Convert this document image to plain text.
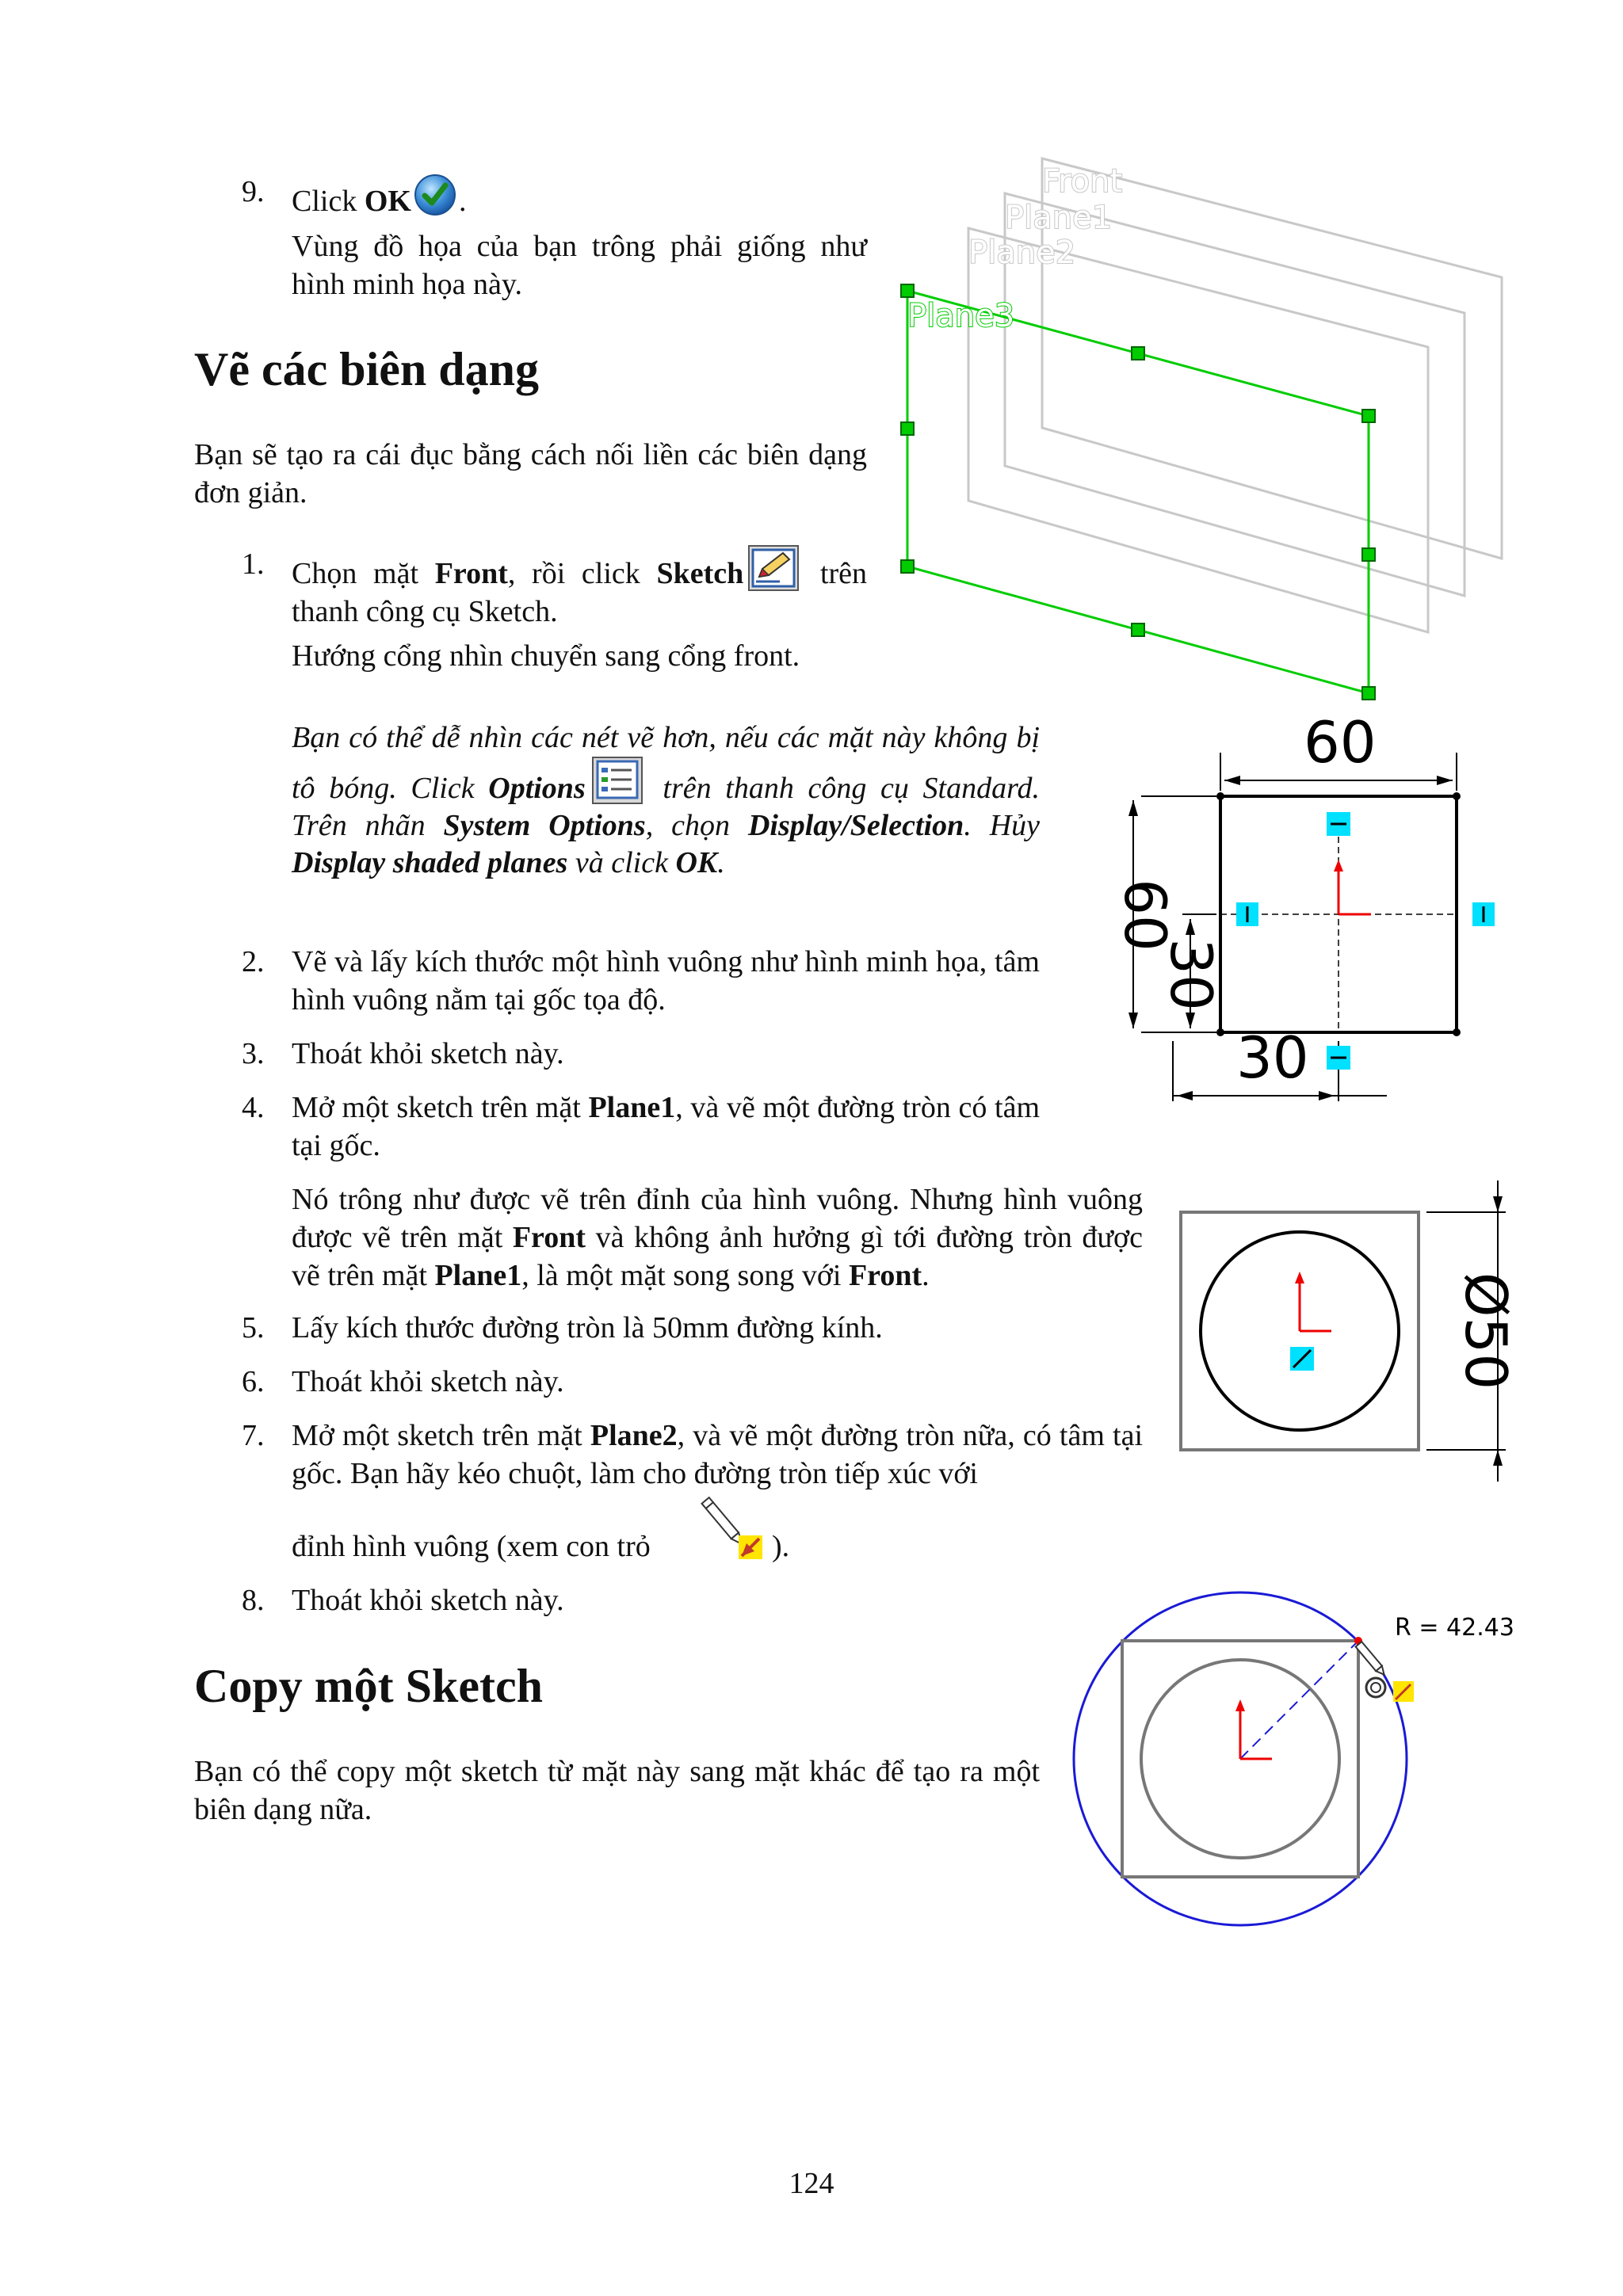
9. Click OK .
Vùng đồ họa của bạn trông phải giống như hình minh họa này.
Vẽ các biên dạng
Bạn sẽ tạo ra cái đục bằng cách nối liền các biên dạng đơn giản.
1. Chọn mặt Front, rồi click Sketch trên thanh công cụ Sketch.
Hướng cổng nhìn chuyển sang cổng front.
Bạn có thể dễ nhìn các nét vẽ hơn, nếu các mặt này không bị tô bóng. Click Options trên thanh công cụ Standard. Trên nhãn System Options, chọn Display/Selection. Hủy Display shaded planes và click OK.
2. Vẽ và lấy kích thước một hình vuông như hình minh họa, tâm hình vuông nằm tại gốc tọa độ.
3. Thoát khỏi sketch này.
4. Mở một sketch trên mặt Plane1, và vẽ một đường tròn có tâm tại gốc.
Nó trông như được vẽ trên đỉnh của hình vuông. Nhưng hình vuông được vẽ trên mặt Front và không ảnh hưởng gì tới đường tròn được vẽ trên mặt Plane1, là một mặt song song với Front.
5. Lấy kích thước đường tròn là 50mm đường kính.
6. Thoát khỏi sketch này.
7. Mở một sketch trên mặt Plane2, và vẽ một đường tròn nữa, có tâm tại gốc. Bạn hãy kéo chuột, làm cho đường tròn tiếp xúc với
đỉnh hình vuông (xem con trỏ	).
8. Thoát khỏi sketch này.
Copy một Sketch
Bạn có thể copy một sketch từ mặt này sang mặt khác để tạo ra một biên dạng nữa.
Front
Plane1
Plane2
Plane3
60
60
30
30
Ø50
R = 42.43
124
